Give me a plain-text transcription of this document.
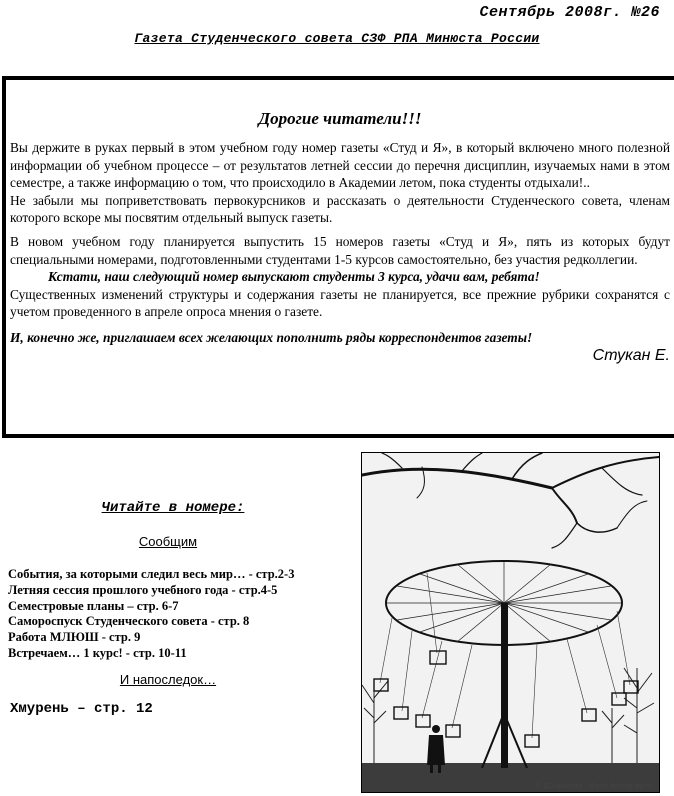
Сентябрь 2008г. №26
Газета Студенческого совета СЗФ РПА Минюста России
Дорогие читатели!!!

Вы держите в руках первый в этом учебном году номер газеты «Студ и Я», в который включено много полезной информации об учебном процессе – от результатов летней сессии до перечня дисциплин, изучаемых нами в этом семестре, а также информацию о том, что происходило в Академии летом, пока студенты отдыхали!..

Не забыли мы поприветствовать первокурсников и рассказать о деятельности Студенческого совета, членам которого вскоре мы посвятим отдельный выпуск газеты.

В новом учебном году планируется выпустить 15 номеров газеты «Студ и Я», пять из которых будут специальными номерами, подготовленными студентами 1-5 курсов самостоятельно, без участия редколлегии.

Кстати, наш следующий номер выпускают студенты 3 курса, удачи вам, ребята!

Существенных изменений структуры и содержания газеты не планируется, все прежние рубрики сохранятся с учетом проведенного в апреле опроса мнения о газете.

И, конечно же, приглашаем всех желающих пополнить ряды корреспондентов газеты!

Стукан Е.
Читайте в номере:
Сообщим
События, за которыми следил весь мир… - стр.2-3
Летняя сессия прошлого учебного года - стр.4-5
Семестровые планы – стр. 6-7
Самороспуск Студенческого совета - стр. 8
Работа МЛЮШ - стр. 9
Встречаем… 1 курс! - стр. 10-11
И напоследок…
Хмурень – стр. 12
© Д.Никитин · Фото.fotoop.dpro
